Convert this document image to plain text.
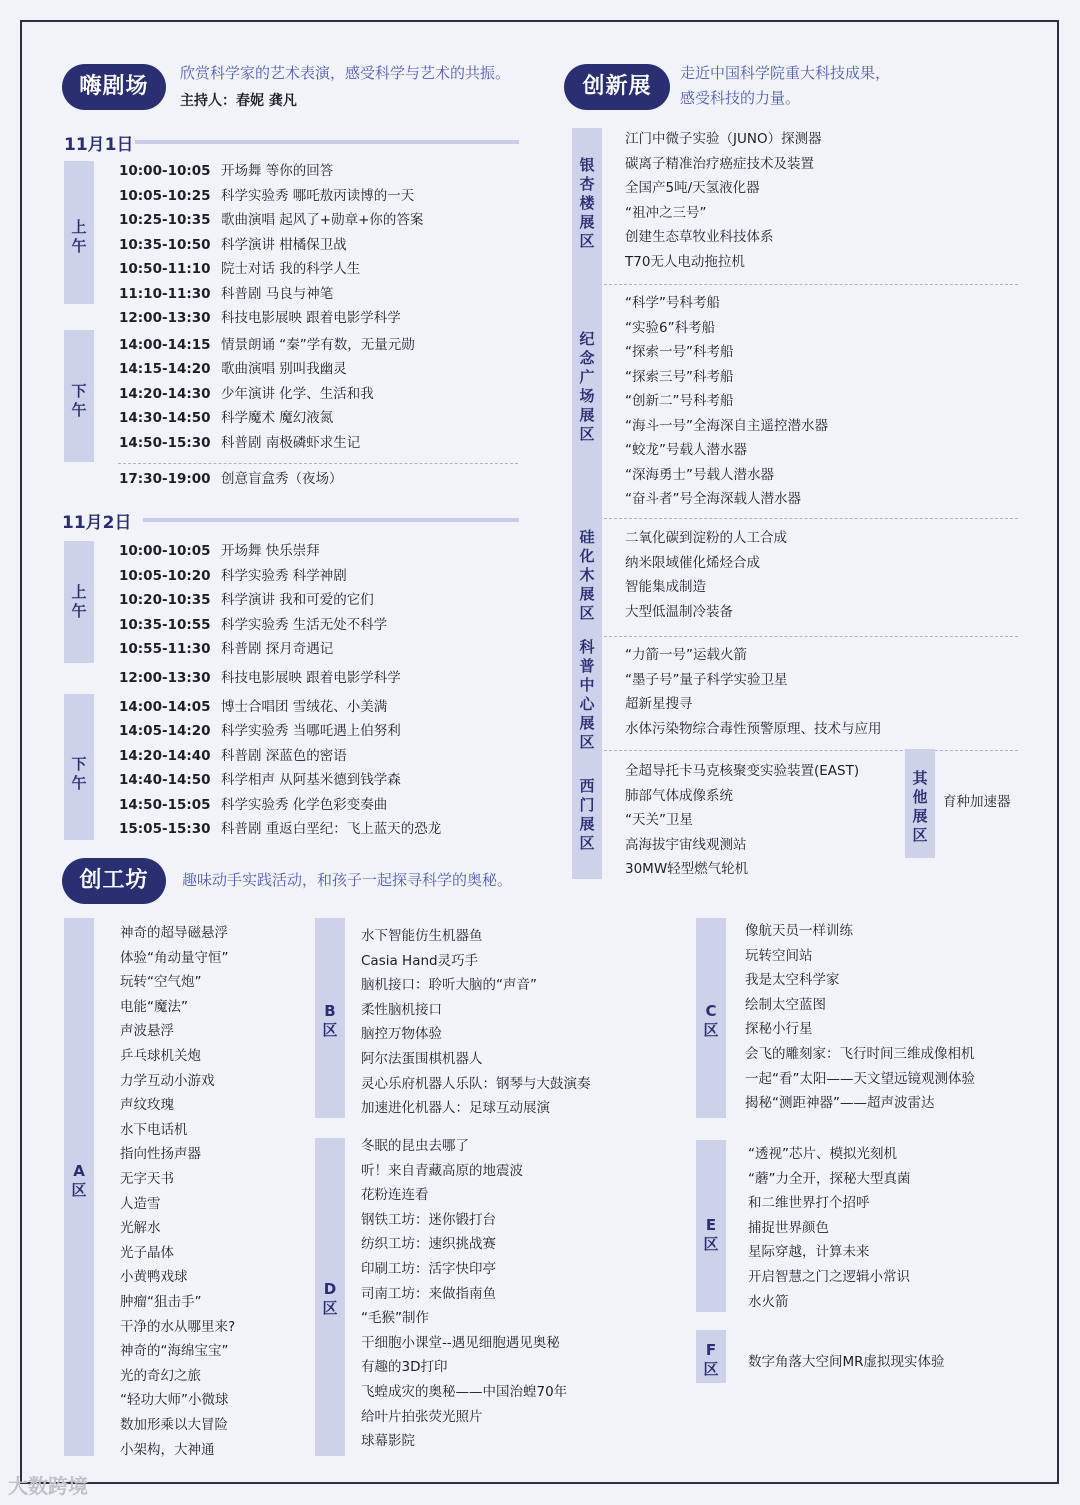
嗨剧场
欣赏科学家的艺术表演，感受科学与艺术的共振。
主持人：春妮 龚凡
11月1日
上午
下午
10:00-10:05 开场舞 等你的回答
10:05-10:25 科学实验秀 哪吒敖丙读博的一天
10:25-10:35 歌曲演唱 起风了+勋章+你的答案
10:35-10:50 科学演讲 柑橘保卫战
10:50-11:10 院士对话 我的科学人生
11:10-11:30 科普剧 马良与神笔
12:00-13:30 科技电影展映 跟着电影学科学
14:00-14:15 情景朗诵 “秦”学有数，无量元勋
14:15-14:20 歌曲演唱 别叫我幽灵
14:20-14:30 少年演讲 化学、生活和我
14:30-14:50 科学魔术 魔幻液氮
14:50-15:30 科普剧 南极磷虾求生记
17:30-19:00 创意盲盒秀（夜场）
11月2日
上午
下午
10:00-10:05 开场舞 快乐崇拜
10:05-10:20 科学实验秀 科学神剧
10:20-10:35 科学演讲 我和可爱的它们
10:35-10:55 科学实验秀 生活无处不科学
10:55-11:30 科普剧 探月奇遇记
12:00-13:30 科技电影展映 跟着电影学科学
14:00-14:05 博士合唱团 雪绒花、小美满
14:05-14:20 科学实验秀 当哪吒遇上伯努利
14:20-14:40 科普剧 深蓝色的密语
14:40-14:50 科学相声 从阿基米德到钱学森
14:50-15:05 科学实验秀 化学色彩变奏曲
15:05-15:30 科普剧 重返白垩纪：飞上蓝天的恐龙
创新展
走近中国科学院重大科技成果，
感受科技的力量。
银杏楼展区
纪念广场展区
硅化木展区
科普中心展区
西门展区
江门中微子实验（JUNO）探测器
碳离子精准治疗癌症技术及装置
全国产5吨/天氢液化器
“祖冲之三号”
创建生态草牧业科技体系
T70无人电动拖拉机
“科学”号科考船
“实验6”科考船
“探索一号”科考船
“探索三号”科考船
“创新二”号科考船
“海斗一号”全海深自主遥控潜水器
“蛟龙”号载人潜水器
“深海勇士”号载人潜水器
“奋斗者”号全海深载人潜水器
二氧化碳到淀粉的人工合成
纳米限域催化烯烃合成
智能集成制造
大型低温制冷装备
“力箭一号”运载火箭
“墨子号”量子科学实验卫星
超新星搜寻
水体污染物综合毒性预警原理、技术与应用
全超导托卡马克核聚变实验装置(EAST)
肺部气体成像系统
“天关”卫星
高海拔宇宙线观测站
30MW轻型燃气轮机
其他展区
育种加速器
创工坊	趣味动手实践活动，和孩子一起探寻科学的奥秘。
A区
B区
D区
C区
E区
F区
神奇的超导磁悬浮
体验“角动量守恒”
玩转“空气炮”
电能“魔法”
声波悬浮
乒乓球机关炮
力学互动小游戏
声纹玫瑰
水下电话机
指向性扬声器
无字天书
人造雪
光解水
光子晶体
小黄鸭戏球
肿瘤“狙击手”
干净的水从哪里来?
神奇的“海绵宝宝”
光的奇幻之旅
“轻功大师”小微球
数加形乘以大冒险
小架构，大神通
水下智能仿生机器鱼
Casia Hand灵巧手
脑机接口：聆听大脑的“声音”
柔性脑机接口
脑控万物体验
阿尔法蛋围棋机器人
灵心乐府机器人乐队：钢琴与大鼓演奏
加速进化机器人：足球互动展演
冬眠的昆虫去哪了
听！来自青藏高原的地震波
花粉连连看
钢铁工坊：迷你锻打台
纺织工坊：速织挑战赛
印刷工坊：活字快印亭
司南工坊：来做指南鱼
“毛猴”制作
干细胞小课堂--遇见细胞遇见奥秘
有趣的3D打印
飞蝗成灾的奥秘——中国治蝗70年
给叶片拍张荧光照片
球幕影院
像航天员一样训练
玩转空间站
我是太空科学家
绘制太空蓝图
探秘小行星
会飞的雕刻家：飞行时间三维成像相机
一起“看”太阳——天文望远镜观测体验
揭秘“测距神器”——超声波雷达
“透视”芯片、模拟光刻机
“蘑”力全开，探秘大型真菌
和二维世界打个招呼
捕捉世界颜色
星际穿越，计算未来
开启智慧之门之逻辑小常识
水火箭
数字角落大空间MR虚拟现实体验
大数跨境
